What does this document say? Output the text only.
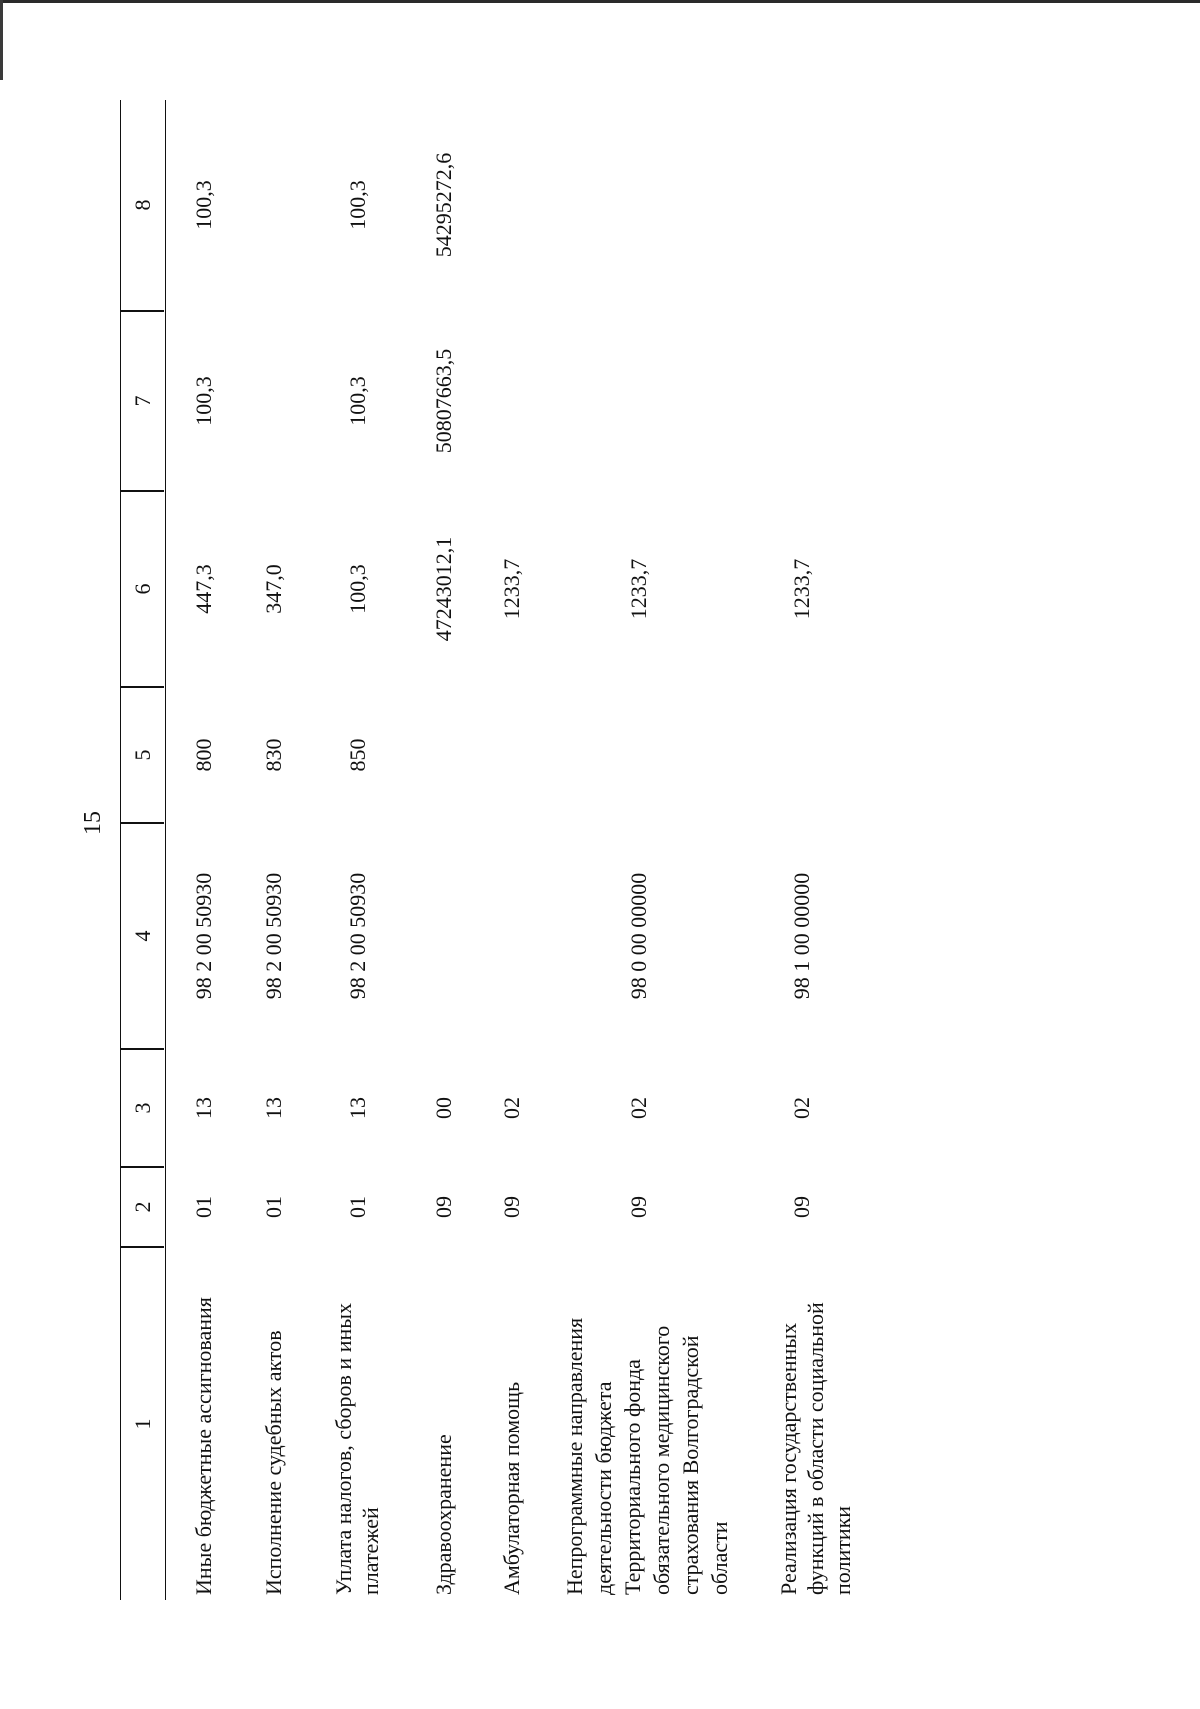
15
1
2
3
4
5
6
7
8
Иные бюджетные ассигнования
01
13
98 2 00 50930
800
447,3
100,3
100,3
Исполнение судебных актов
01
13
98 2 00 50930
830
347,0
Уплата налогов, сборов и иных платежей
01
13
98 2 00 50930
850
100,3
100,3
100,3
Здравоохранение
09
00
47243012,1
50807663,5
54295272,6
Амбулаторная помощь
09
02
1233,7
Непрограммные направления деятельности бюджета Территориального фонда обязательного медицинского страхования Волгоградской области
09
02
98 0 00 00000
1233,7
Реализация государственных функций в области социальной политики
09
02
98 1 00 00000
1233,7
